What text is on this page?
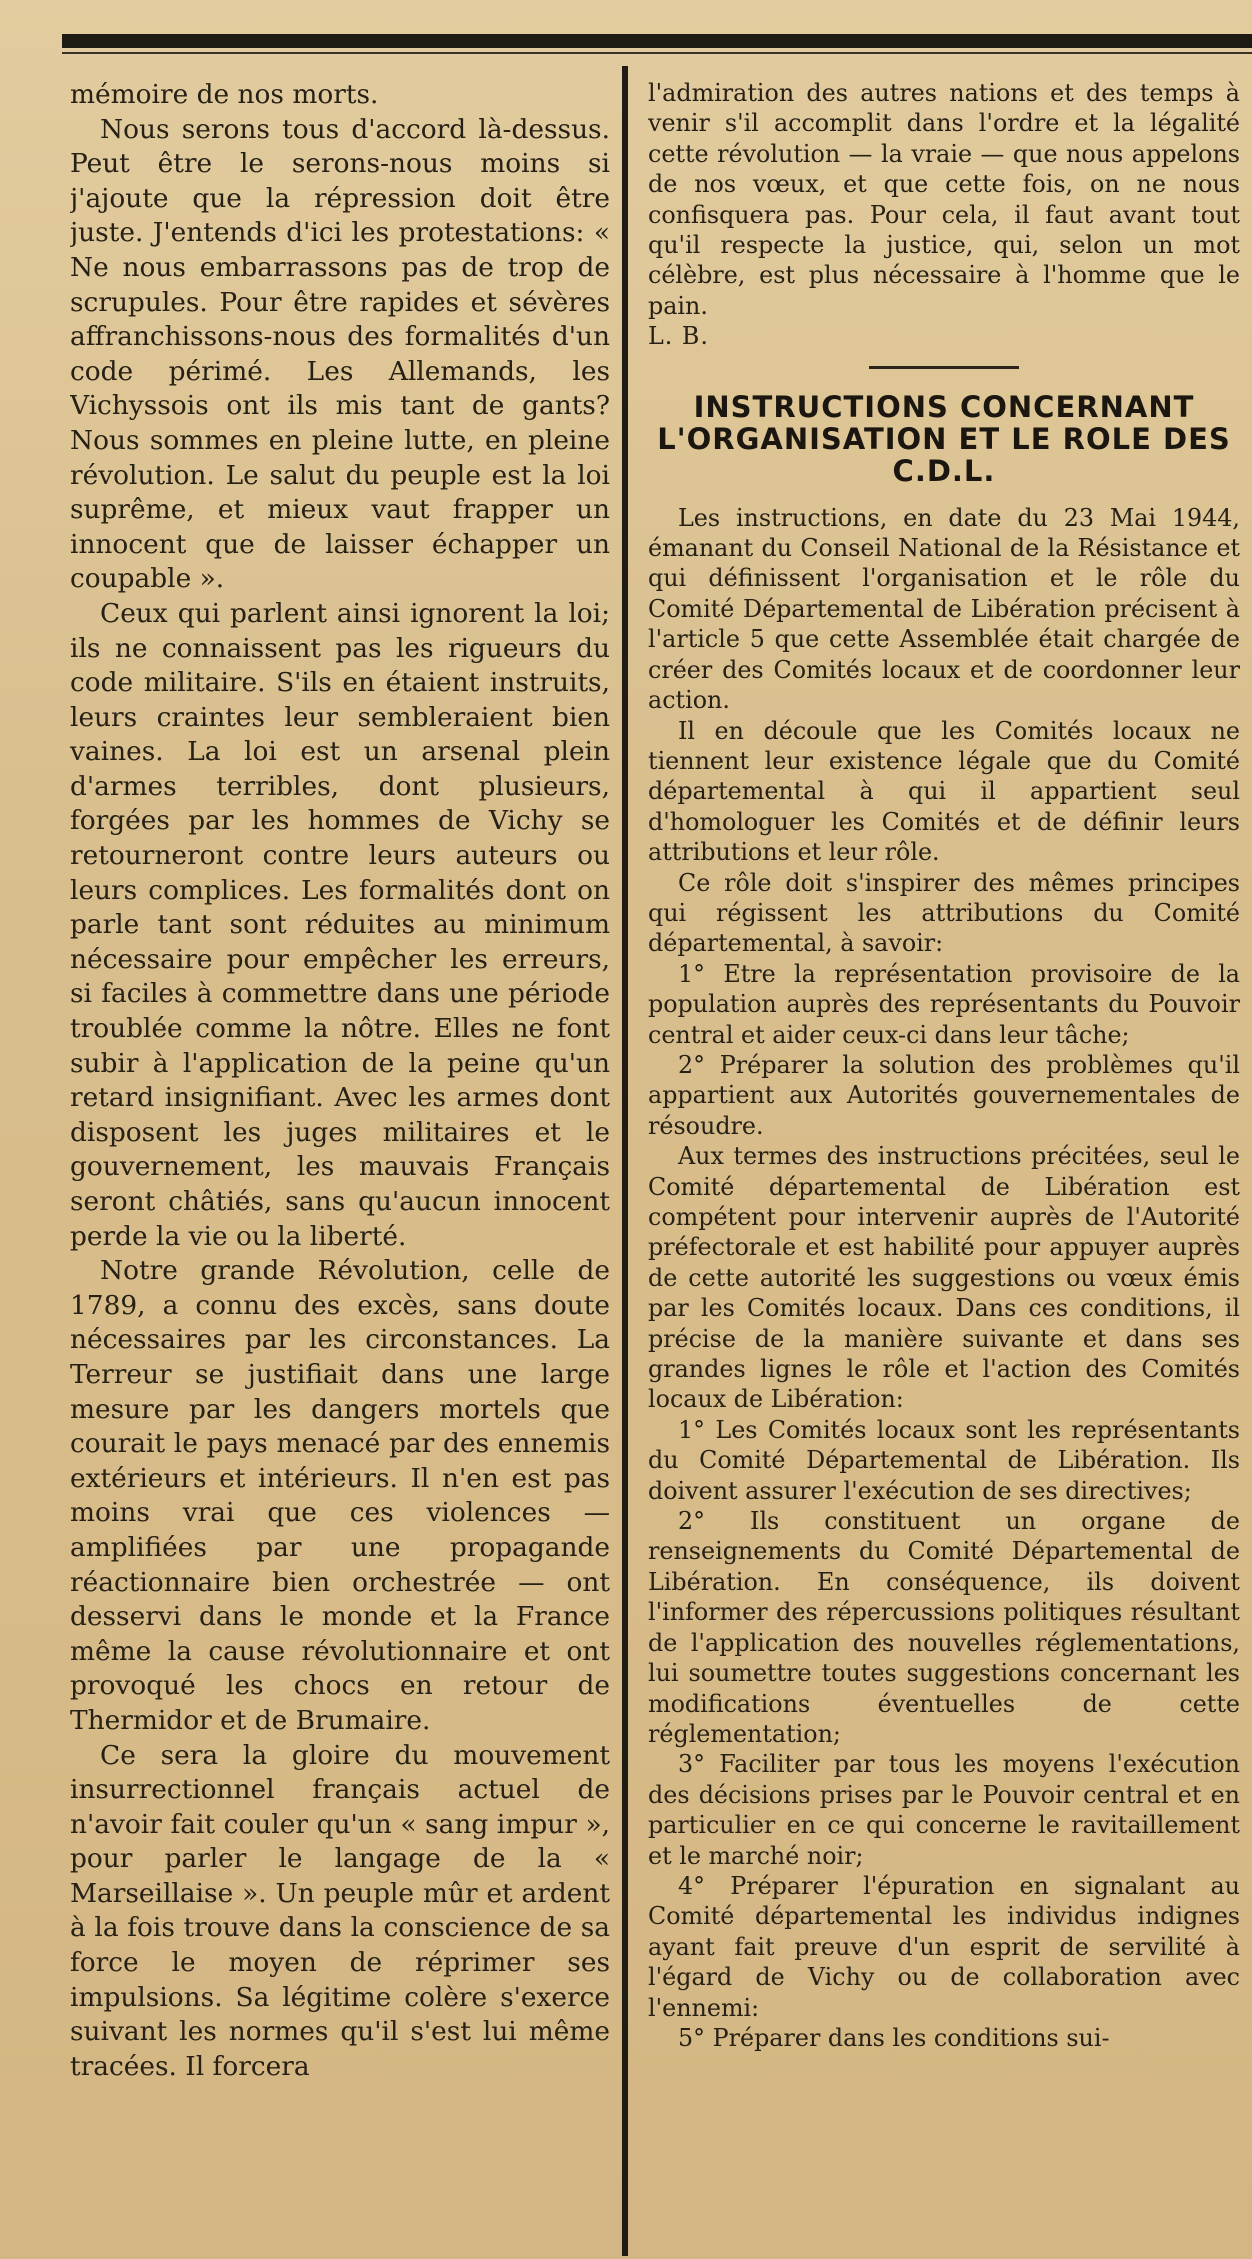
mémoire de nos morts.

Nous serons tous d'accord là-dessus. Peut être le serons-nous moins si j'ajoute que la répression doit être juste. J'entends d'ici les protestations: « Ne nous embarrassons pas de trop de scrupules. Pour être rapides et sévères affranchissons-nous des formalités d'un code périmé. Les Allemands, les Vichyssois ont ils mis tant de gants? Nous sommes en pleine lutte, en pleine révolution. Le salut du peuple est la loi suprême, et mieux vaut frapper un innocent que de laisser échapper un coupable ».

Ceux qui parlent ainsi ignorent la loi; ils ne connaissent pas les rigueurs du code militaire. S'ils en étaient instruits, leurs craintes leur sembleraient bien vaines. La loi est un arsenal plein d'armes terribles, dont plusieurs, forgées par les hommes de Vichy se retourneront contre leurs auteurs ou leurs complices. Les formalités dont on parle tant sont réduites au minimum nécessaire pour empêcher les erreurs, si faciles à commettre dans une période troublée comme la nôtre. Elles ne font subir à l'application de la peine qu'un retard insignifiant. Avec les armes dont disposent les juges militaires et le gouvernement, les mauvais Français seront châtiés, sans qu'aucun innocent perde la vie ou la liberté.

Notre grande Révolution, celle de 1789, a connu des excès, sans doute nécessaires par les circonstances. La Terreur se justifiait dans une large mesure par les dangers mortels que courait le pays menacé par des ennemis extérieurs et intérieurs. Il n'en est pas moins vrai que ces violences — amplifiées par une propagande réactionnaire bien orchestrée — ont desservi dans le monde et la France même la cause révolutionnaire et ont provoqué les chocs en retour de Thermidor et de Brumaire.

Ce sera la gloire du mouvement insurrectionnel français actuel de n'avoir fait couler qu'un « sang impur », pour parler le langage de la « Marseillaise ». Un peuple mûr et ardent à la fois trouve dans la conscience de sa force le moyen de réprimer ses impulsions. Sa légitime colère s'exerce suivant les normes qu'il s'est lui même tracées. Il forcera

l'admiration des autres nations et des temps à venir s'il accomplit dans l'ordre et la légalité cette révolution — la vraie — que nous appelons de nos vœux, et que cette fois, on ne nous confisquera pas. Pour cela, il faut avant tout qu'il respecte la justice, qui, selon un mot célèbre, est plus nécessaire à l'homme que le pain.

L. B.

INSTRUCTIONS CONCERNANT L'ORGANISATION ET LE ROLE DES C.D.L.

Les instructions, en date du 23 Mai 1944, émanant du Conseil National de la Résistance et qui définissent l'organisation et le rôle du Comité Départemental de Libération précisent à l'article 5 que cette Assemblée était chargée de créer des Comités locaux et de coordonner leur action.

Il en découle que les Comités locaux ne tiennent leur existence légale que du Comité départemental à qui il appartient seul d'homologuer les Comités et de définir leurs attributions et leur rôle.

Ce rôle doit s'inspirer des mêmes principes qui régissent les attributions du Comité départemental, à savoir:

1° Etre la représentation provisoire de la population auprès des représentants du Pouvoir central et aider ceux-ci dans leur tâche;

2° Préparer la solution des problèmes qu'il appartient aux Autorités gouvernementales de résoudre.

Aux termes des instructions précitées, seul le Comité départemental de Libération est compétent pour intervenir auprès de l'Autorité préfectorale et est habilité pour appuyer auprès de cette autorité les suggestions ou vœux émis par les Comités locaux. Dans ces conditions, il précise de la manière suivante et dans ses grandes lignes le rôle et l'action des Comités locaux de Libération:

1° Les Comités locaux sont les représentants du Comité Départemental de Libération. Ils doivent assurer l'exécution de ses directives;

2° Ils constituent un organe de renseignements du Comité Départemental de Libération. En conséquence, ils doivent l'informer des répercussions politiques résultant de l'application des nouvelles réglementations, lui soumettre toutes suggestions concernant les modifications éventuelles de cette réglementation;

3° Faciliter par tous les moyens l'exécution des décisions prises par le Pouvoir central et en particulier en ce qui concerne le ravitaillement et le marché noir;

4° Préparer l'épuration en signalant au Comité départemental les individus indignes ayant fait preuve d'un esprit de servilité à l'égard de Vichy ou de collaboration avec l'ennemi:

5° Préparer dans les conditions sui-
